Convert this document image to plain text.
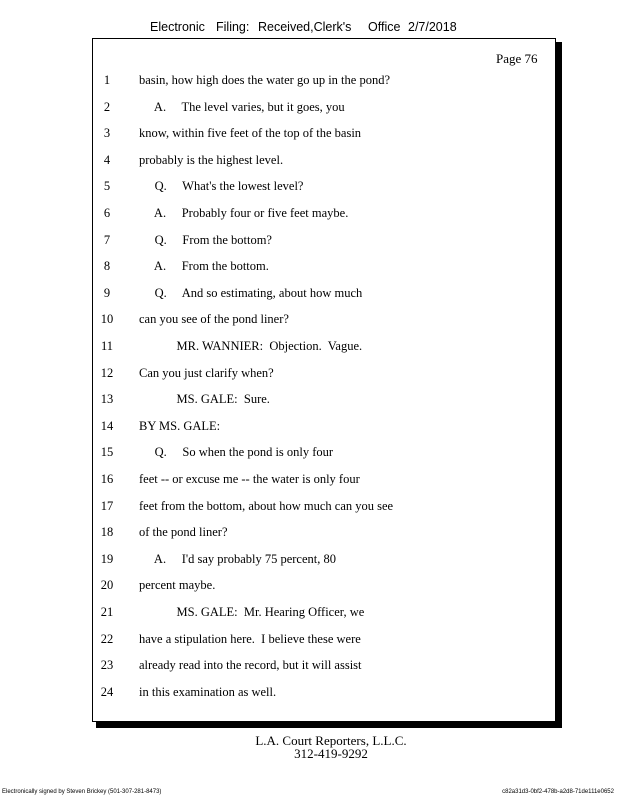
Electronic Filing: Received,Clerk's Office 2/7/2018
Page 76
1	basin, how high does the water go up in the pond?
2	A.     The level varies, but it goes, you
3	know, within five feet of the top of the basin
4	probably is the highest level.
5	Q.     What's the lowest level?
6	A.     Probably four or five feet maybe.
7	Q.     From the bottom?
8	A.     From the bottom.
9	Q.     And so estimating, about how much
10	can you see of the pond liner?
11	MR. WANNIER:  Objection.  Vague.
12	Can you just clarify when?
13	MS. GALE:  Sure.
14	BY MS. GALE:
15	Q.     So when the pond is only four
16	feet -- or excuse me -- the water is only four
17	feet from the bottom, about how much can you see
18	of the pond liner?
19	A.     I'd say probably 75 percent, 80
20	percent maybe.
21	MS. GALE:  Mr. Hearing Officer, we
22	have a stipulation here.  I believe these were
23	already read into the record, but it will assist
24	in this examination as well.
L.A. Court Reporters, L.L.C.
312-419-9292
Electronically signed by Steven Brickey (501-307-281-8473)	c82a31d3-0bf2-478b-a2d8-71de111e0652
